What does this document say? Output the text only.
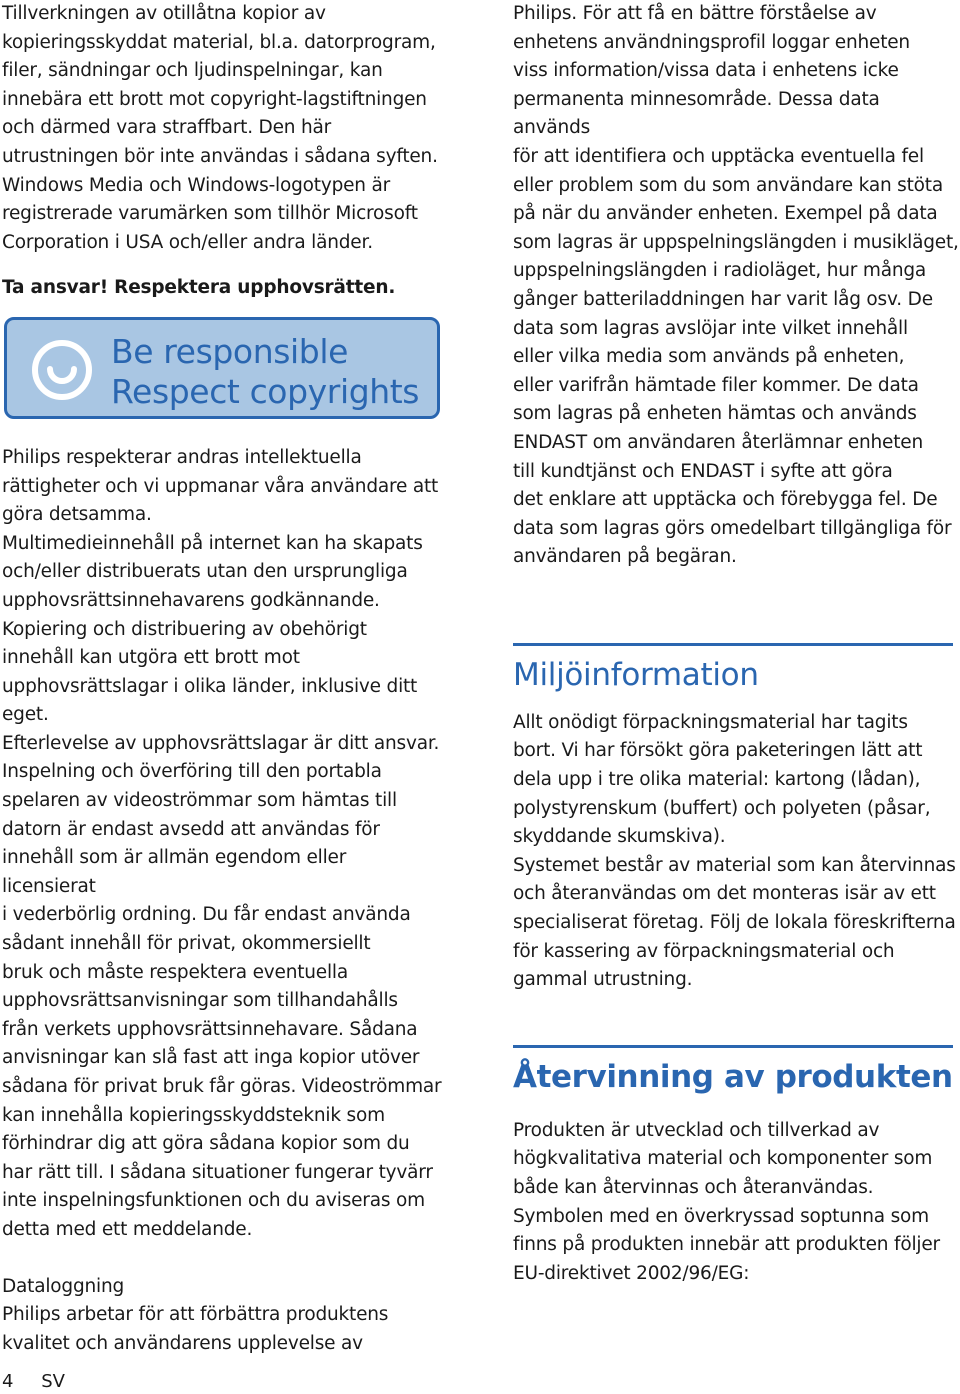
Tillverkningen av otillåtna kopior av

kopieringsskyddat material, bl.a. datorprogram,

filer, sändningar och ljudinspelningar, kan

innebära ett brott mot copyright-lagstiftningen

och därmed vara straffbart. Den här

utrustningen bör inte användas i sådana syften.

Windows Media och Windows-logotypen är

registrerade varumärken som tillhör Microsoft

Corporation i USA och/eller andra länder.

Ta ansvar! Respektera upphovsrätten.

Be responsible
Respect copyrights

Philips respekterar andras intellektuella

rättigheter och vi uppmanar våra användare att

göra detsamma.

Multimedieinnehåll på internet kan ha skapats

och/eller distribuerats utan den ursprungliga

upphovsrättsinnehavarens godkännande.

Kopiering och distribuering av obehörigt

innehåll kan utgöra ett brott mot

upphovsrättslagar i olika länder, inklusive ditt

eget.

Efterlevelse av upphovsrättslagar är ditt ansvar.

Inspelning och överföring till den portabla

spelaren av videoströmmar som hämtas till

datorn är endast avsedd att användas för

innehåll som är allmän egendom eller licensierat

i vederbörlig ordning. Du får endast använda

sådant innehåll för privat, okommersiellt

bruk och måste respektera eventuella

upphovsrättsanvisningar som tillhandahålls

från verkets upphovsrättsinnehavare. Sådana

anvisningar kan slå fast att inga kopior utöver

sådana för privat bruk får göras. Videoströmmar

kan innehålla kopieringsskyddsteknik som

förhindrar dig att göra sådana kopior som du

har rätt till. I sådana situationer fungerar tyvärr

inte inspelningsfunktionen och du aviseras om

detta med ett meddelande.

Dataloggning

Philips arbetar för att förbättra produktens

kvalitet och användarens upplevelse av

Philips. För att få en bättre förståelse av

enhetens användningsprofil loggar enheten

viss information/vissa data i enhetens icke

permanenta minnesområde. Dessa data används

för att identifiera och upptäcka eventuella fel

eller problem som du som användare kan stöta

på när du använder enheten. Exempel på data

som lagras är uppspelningslängden i musikläget,

uppspelningslängden i radioläget, hur många

gånger batteriladdningen har varit låg osv. De

data som lagras avslöjar inte vilket innehåll

eller vilka media som används på enheten,

eller varifrån hämtade filer kommer. De data

som lagras på enheten hämtas och används

ENDAST om användaren återlämnar enheten

till kundtjänst och ENDAST i syfte att göra

det enklare att upptäcka och förebygga fel. De

data som lagras görs omedelbart tillgängliga för

användaren på begäran.

Miljöinformation

Allt onödigt förpackningsmaterial har tagits

bort. Vi har försökt göra paketeringen lätt att

dela upp i tre olika material: kartong (lådan),

polystyrenskum (buffert) och polyeten (påsar,

skyddande skumskiva).

Systemet består av material som kan återvinnas

och återanvändas om det monteras isär av ett

specialiserat företag. Följ de lokala föreskrifterna

för kassering av förpackningsmaterial och

gammal utrustning.

Återvinning av produkten

Produkten är utvecklad och tillverkad av

högkvalitativa material och komponenter som

både kan återvinnas och återanvändas.

Symbolen med en överkryssad soptunna som

finns på produkten innebär att produkten följer

EU-direktivet 2002/96/EG:

4 SV
